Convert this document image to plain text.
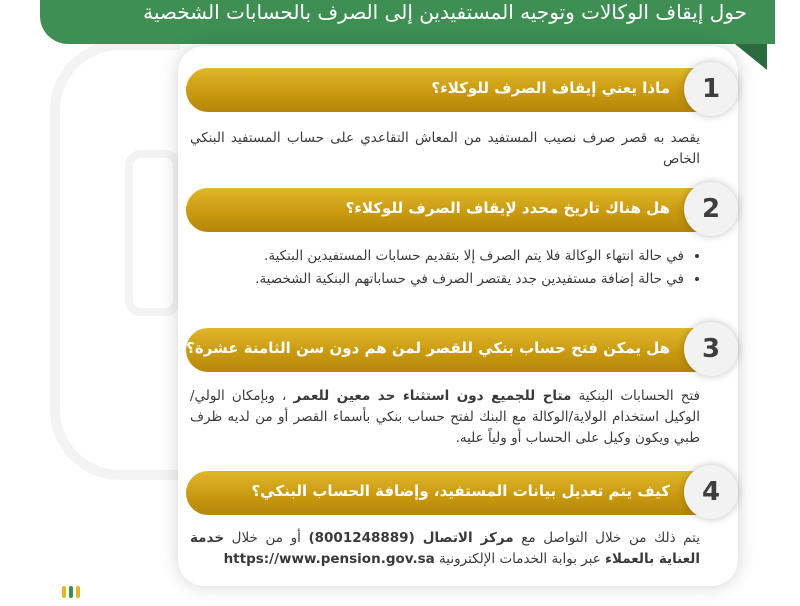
حول إيقاف الوكالات وتوجيه المستفيدين إلى الصرف بالحسابات الشخصية
1
ماذا يعني إيقاف الصرف للوكلاء؟

يقصد به قصر صرف نصيب المستفيد من المعاش التقاعدي على حساب المستفيد البنكي الخاص

2
هل هناك تاريخ محدد لإيقاف الصرف للوكلاء؟
• في حالة انتهاء الوكالة فلا يتم الصرف إلا بتقديم حسابات المستفيدين البنكية.
• في حالة إضافة مستفيدين جدد يقتصر الصرف في حساباتهم البنكية الشخصية.
3
هل يمكن فتح حساب بنكي للقصر لمن هم دون سن الثامنة عشرة؟

فتح الحسابات البنكية متاح للجميع دون استثناء حد معين للعمر ، وبإمكان الولي/الوكيل استخدام الولاية/الوكالة مع البنك لفتح حساب بنكي بأسماء القصر أو من لديه ظرف طبي ويكون وكيل على الحساب أو ولياً عليه.

4
كيف يتم تعديل بيانات المستفيد، وإضافة الحساب البنكي؟

يتم ذلك من خلال التواصل مع مركز الاتصال (8001248889) أو من خلال خدمة العناية بالعملاء عبر بوابة الخدمات الإلكترونية https://www.pension.gov.sa
